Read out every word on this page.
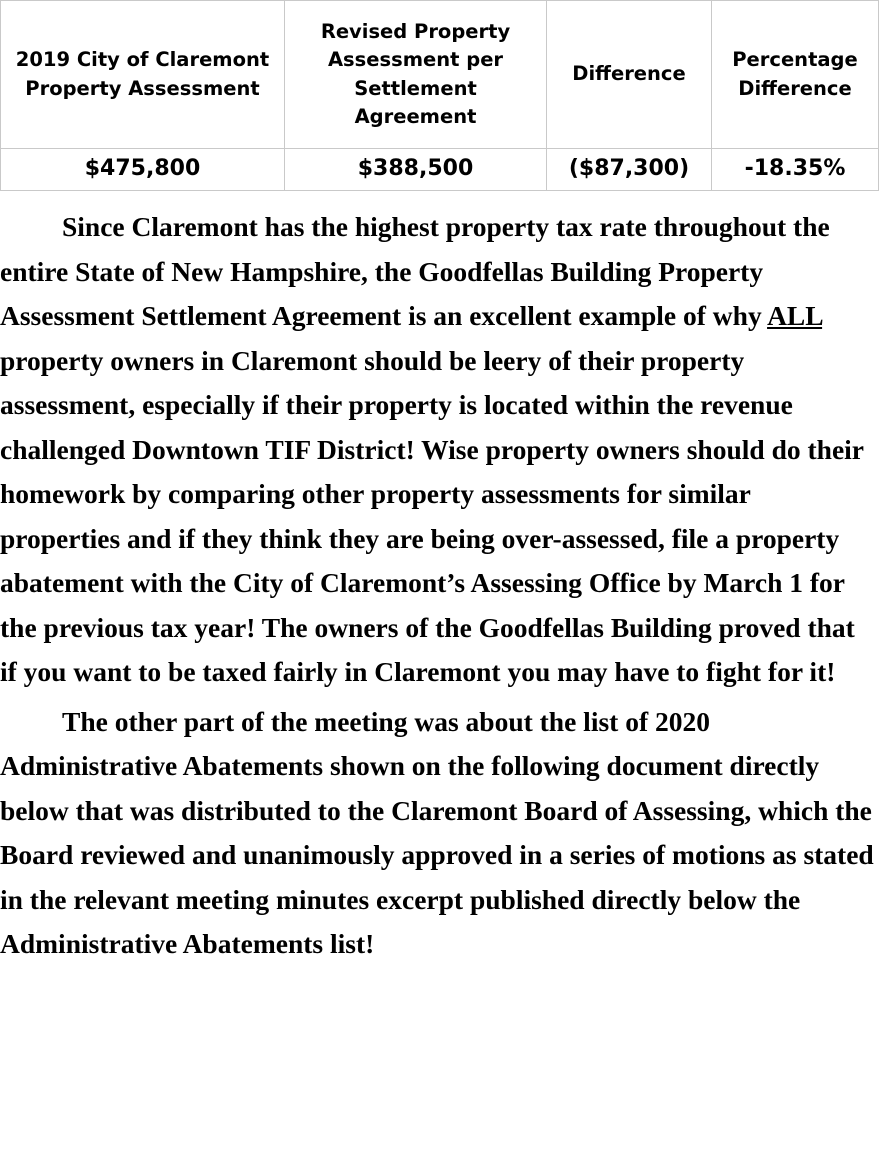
2019 City of Claremont Property Assessment	Revised Property Assessment per Settlement Agreement	Difference	Percentage Difference
$475,800	$388,500	($87,300)	-18.35%

Since Claremont has the highest property tax rate throughout the entire State of New Hampshire, the Goodfellas Building Property Assessment Settlement Agreement is an excellent example of why ALL property owners in Claremont should be leery of their property assessment, especially if their property is located within the revenue challenged Downtown TIF District! Wise property owners should do their homework by comparing other property assessments for similar properties and if they think they are being over-assessed, file a property abatement with the City of Claremont’s Assessing Office by March 1 for the previous tax year! The owners of the Goodfellas Building proved that if you want to be taxed fairly in Claremont you may have to fight for it!

The other part of the meeting was about the list of 2020 Administrative Abatements shown on the following document directly below that was distributed to the Claremont Board of Assessing, which the Board reviewed and unanimously approved in a series of motions as stated in the relevant meeting minutes excerpt published directly below the Administrative Abatements list!
